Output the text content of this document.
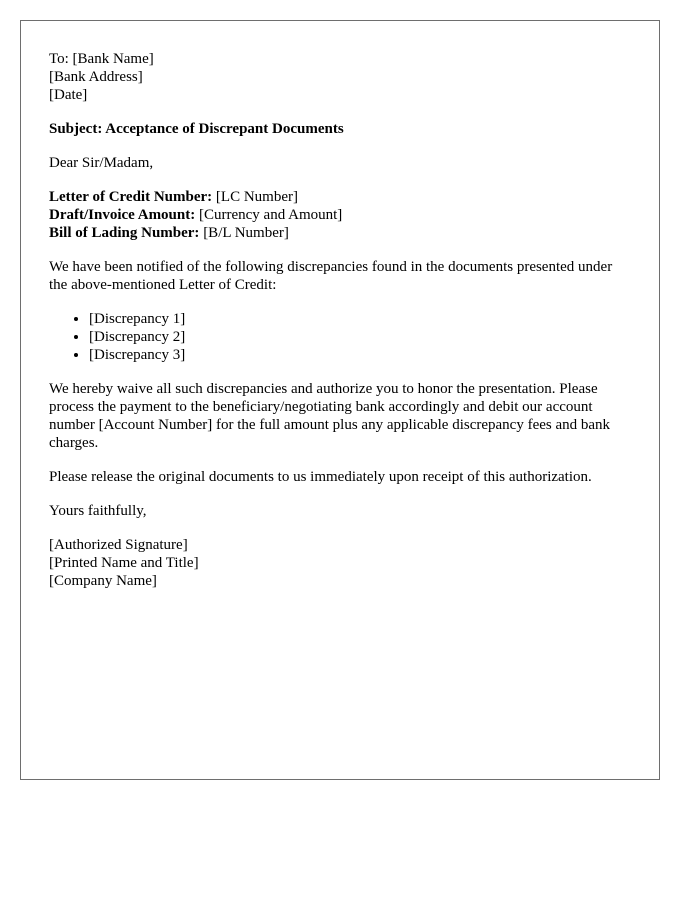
To: [Bank Name]
[Bank Address]
[Date]

Subject: Acceptance of Discrepant Documents

Dear Sir/Madam,

Letter of Credit Number: [LC Number]
Draft/Invoice Amount: [Currency and Amount]
Bill of Lading Number: [B/L Number]

We have been notified of the following discrepancies found in the documents presented under the above-mentioned Letter of Credit:

• [Discrepancy 1]
• [Discrepancy 2]
• [Discrepancy 3]

We hereby waive all such discrepancies and authorize you to honor the presentation. Please process the payment to the beneficiary/negotiating bank accordingly and debit our account number [Account Number] for the full amount plus any applicable discrepancy fees and bank charges.

Please release the original documents to us immediately upon receipt of this authorization.

Yours faithfully,

[Authorized Signature]
[Printed Name and Title]
[Company Name]
